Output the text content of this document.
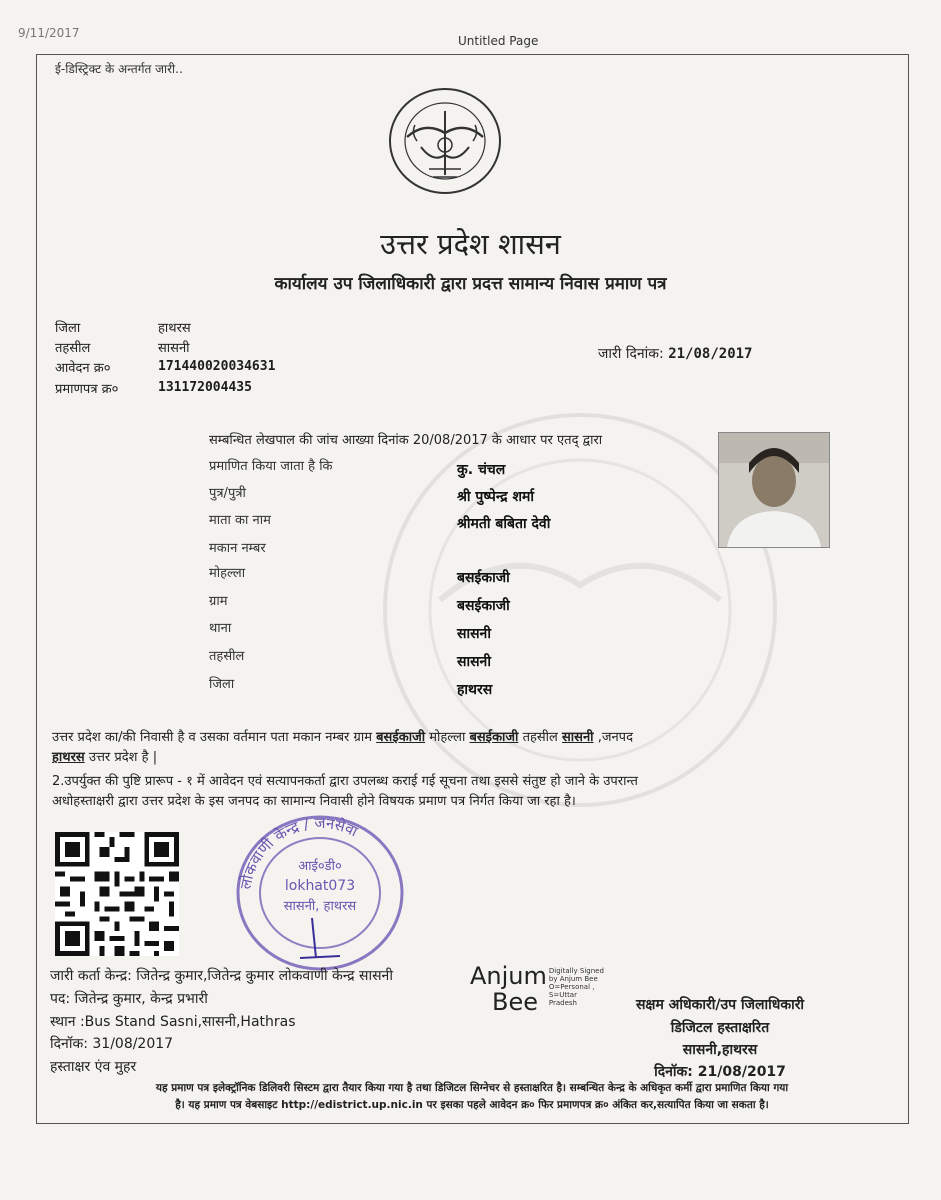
9/11/2017
Untitled Page
ई-डिस्ट्रिक्ट के अन्तर्गत जारी..
उत्तर प्रदेश शासन
कार्यालय उप जिलाधिकारी द्वारा प्रदत्त सामान्य निवास प्रमाण पत्र
जिला	हाथरस
तहसील	सासनी
आवेदन क्र०	171440020034631
प्रमाणपत्र क्र०	131172004435
जारी दिनांक: 21/08/2017
सम्बन्धित लेखपाल की जांच आख्या दिनांक 20/08/2017 के आधार पर एतद् द्वारा
प्रमाणित किया जाता है कि	कु. चंचल
पुत्र/पुत्री	श्री पुष्पेन्द्र शर्मा
माता का नाम	श्रीमती बबिता देवी
मकान नम्बर
मोहल्ला	बसईकाजी
ग्राम	बसईकाजी
थाना	सासनी
तहसील	सासनी
जिला	हाथरस
उत्तर प्रदेश का/की निवासी है व उसका वर्तमान पता मकान नम्बर ग्राम बसईकाजी मोहल्ला बसईकाजी तहसील सासनी ,जनपद
हाथरस उत्तर प्रदेश है |
2.उपर्युक्त की पुष्टि प्रारूप - १ में आवेदन एवं सत्यापनकर्ता द्वारा उपलब्ध कराई गई सूचना तथा इससे संतुष्ट हो जाने के उपरान्त
अधोहस्ताक्षरी द्वारा उत्तर प्रदेश के इस जनपद का सामान्य निवासी होने विषयक प्रमाण पत्र निर्गत किया जा रहा है।
लोकवाणी केन्द्र / जनसेवा
आई०डी०
lokhat073
सासनी, हाथरस
Anjum
Bee
Digitally Signed
by Anjum Bee
O=Personal ,
S=Uttar
Pradesh
जारी कर्ता केन्द्र: जितेन्द्र कुमार,जितेन्द्र कुमार लोकवाणी केन्द्र सासनी
पद: जितेन्द्र कुमार, केन्द्र प्रभारी
स्थान :Bus Stand Sasni,सासनी,Hathras
दिनॉक: 31/08/2017
हस्ताक्षर एंव मुहर
सक्षम अधिकारी/उप जिलाधिकारी
डिजिटल हस्ताक्षरित
सासनी,हाथरस
दिनॉक: 21/08/2017
यह प्रमाण पत्र इलेक्ट्रॉनिक डिलिवरी सिस्टम द्वारा तैयार किया गया है तथा डिजिटल सिग्नेचर से हस्ताक्षरित है। सम्बन्धित केन्द्र के अधिकृत कर्मी द्वारा प्रमाणित किया गया
है। यह प्रमाण पत्र वेबसाइट http://edistrict.up.nic.in पर इसका पहले आवेदन क्र० फिर प्रमाणपत्र क्र० अंकित कर,सत्यापित किया जा सकता है।
